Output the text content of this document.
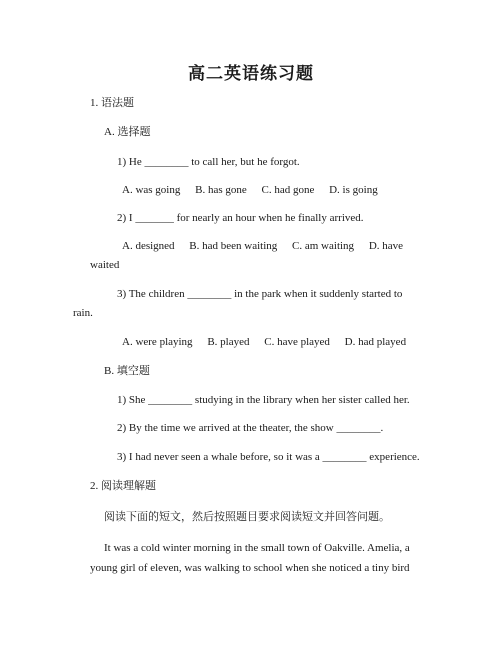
高二英语练习题
1. 语法题
A. 选择题
1) He ________ to call her, but he forgot.
A. was going B. has gone C. had gone D. is going
2) I _______ for nearly an hour when he finally arrived.
A. designed B. had been waiting C. am waiting D. have
waited
3) The children ________ in the park when it suddenly started to
rain.
A. were playing B. played C. have played D. had played
B. 填空题
1) She ________ studying in the library when her sister called her.
2) By the time we arrived at the theater, the show ________.
3) I had never seen a whale before, so it was a ________ experience.
2. 阅读理解题
阅读下面的短文，然后按照题目要求阅读短文并回答问题。
It was a cold winter morning in the small town of Oakville. Amelia, a young girl of eleven, was walking to school when she noticed a tiny bird
